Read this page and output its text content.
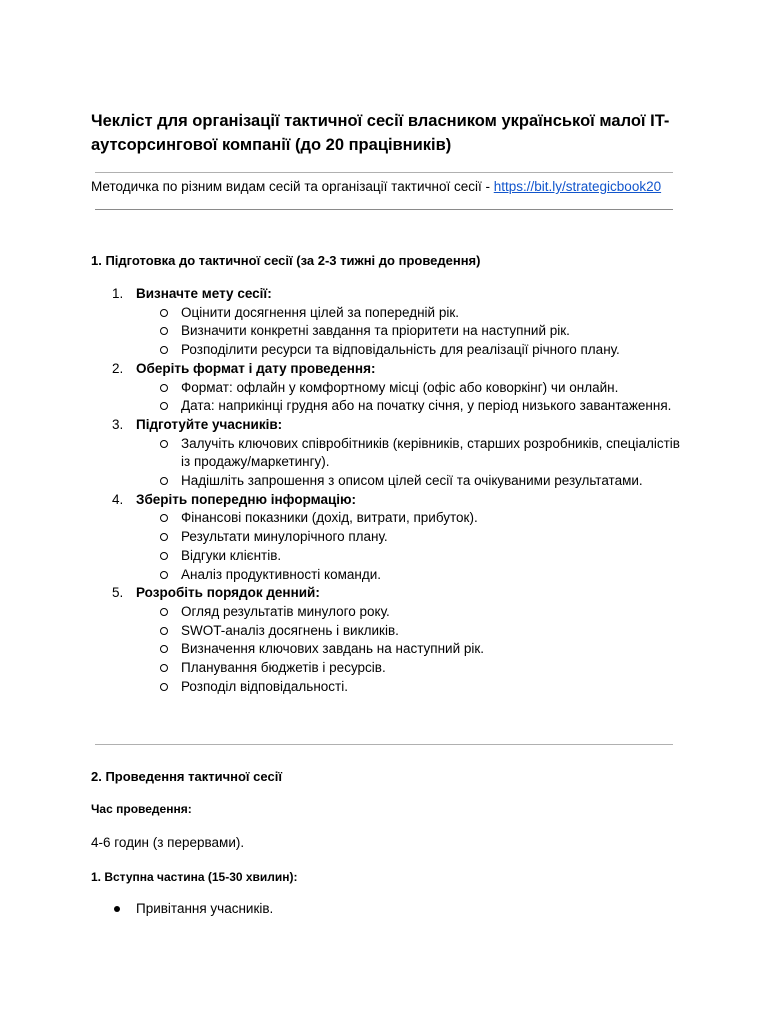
Чекліст для організації тактичної сесії власником української малої IT-аутсорсингової компанії (до 20 працівників)
Методичка по різним видам сесій та організації тактичної сесії - https://bit.ly/strategicbook20
1. Підготовка до тактичної сесії (за 2-3 тижні до проведення)
1. Визначте мету сесії:
Оцінити досягнення цілей за попередній рік.
Визначити конкретні завдання та пріоритети на наступний рік.
Розподілити ресурси та відповідальність для реалізації річного плану.
2. Оберіть формат і дату проведення:
Формат: офлайн у комфортному місці (офіс або коворкінг) чи онлайн.
Дата: наприкінці грудня або на початку січня, у період низького завантаження.
3. Підготуйте учасників:
Залучіть ключових співробітників (керівників, старших розробників, спеціалістів із продажу/маркетингу).
Надішліть запрошення з описом цілей сесії та очікуваними результатами.
4. Зберіть попередню інформацію:
Фінансові показники (дохід, витрати, прибуток).
Результати минулорічного плану.
Відгуки клієнтів.
Аналіз продуктивності команди.
5. Розробіть порядок денний:
Огляд результатів минулого року.
SWOT-аналіз досягнень і викликів.
Визначення ключових завдань на наступний рік.
Планування бюджетів і ресурсів.
Розподіл відповідальності.
2. Проведення тактичної сесії
Час проведення:

4-6 годин (з перервами).

1. Вступна частина (15-30 хвилин):
Привітання учасників.
